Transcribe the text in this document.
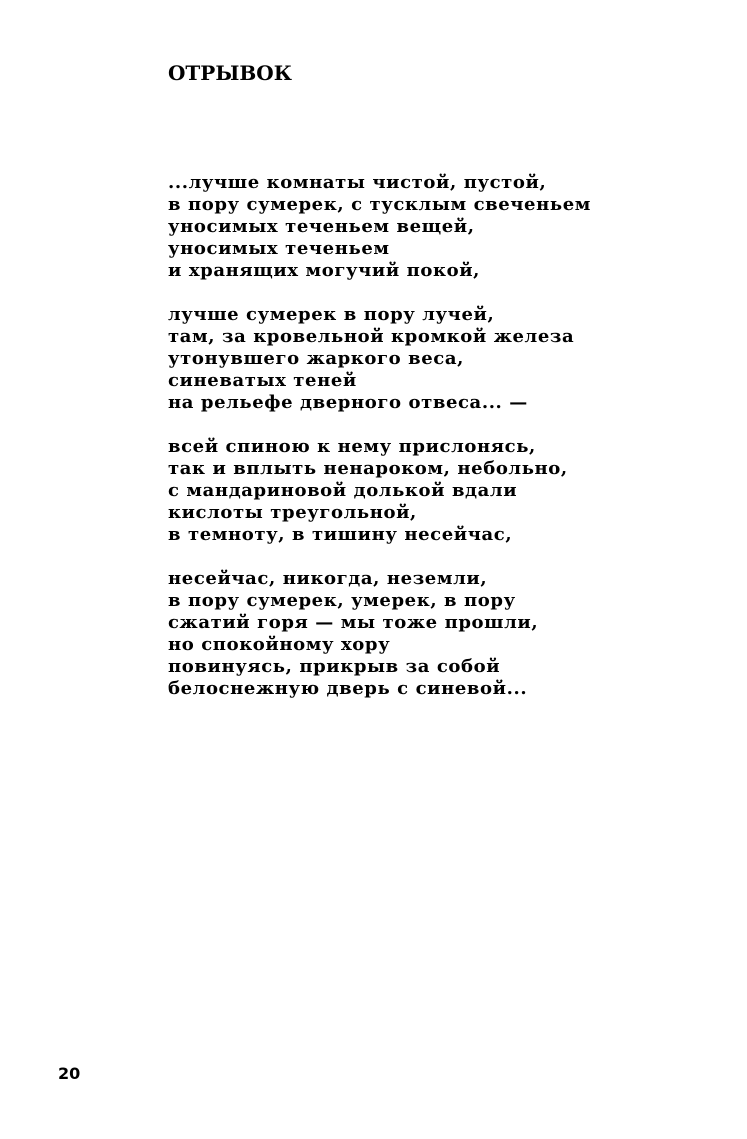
ОТРЫВОК
...лучше комнаты чистой, пустой,
в пору сумерек, с тусклым свеченьем
уносимых теченьем вещей,
уносимых теченьем
и хранящих могучий покой,
лучше сумерек в пору лучей,
там, за кровельной кромкой железа
утонувшего жаркого веса,
синеватых теней
на рельефе дверного отвеса... —
всей спиною к нему прислонясь,
так и вплыть ненароком, небольно,
с мандариновой долькой вдали
кислоты треугольной,
в темноту, в тишину несейчас,
несейчас, никогда, неземли,
в пору сумерек, умерек, в пору
сжатий горя — мы тоже прошли,
но спокойному хору
повинуясь, прикрыв за собой
белоснежную дверь с синевой...
20
